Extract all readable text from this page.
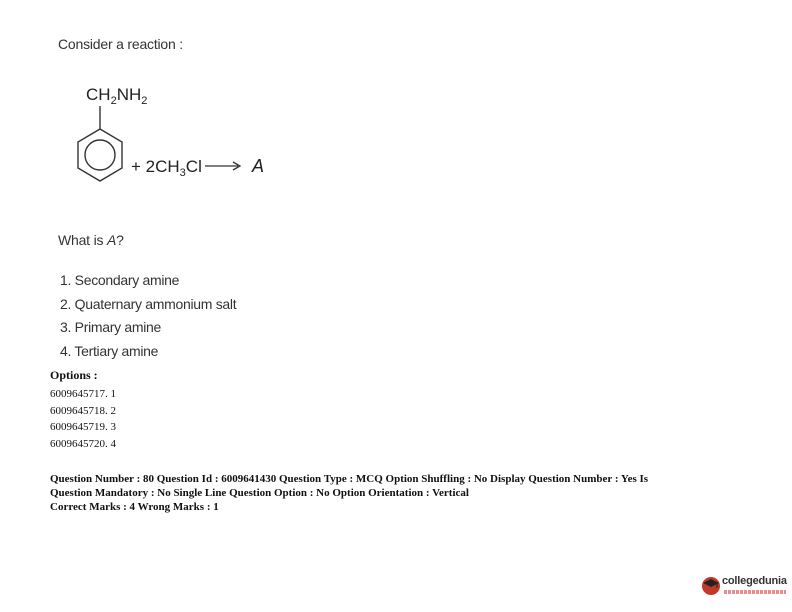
Consider a reaction :
$CH_2NH_2$
+ $2CH_3Cl$	A
What is A?
1. Secondary amine
2. Quaternary ammonium salt
3. Primary amine
4. Tertiary amine
Options :
6009645717. 1
6009645718. 2
6009645719. 3
6009645720. 4

Question Number : 80 Question Id : 6009641430 Question Type : MCQ Option Shuffling : No Display Question Number : Yes Is

Question Mandatory : No Single Line Question Option : No Option Orientation : Vertical

Correct Marks : 4 Wrong Marks : 1

collegedunia
